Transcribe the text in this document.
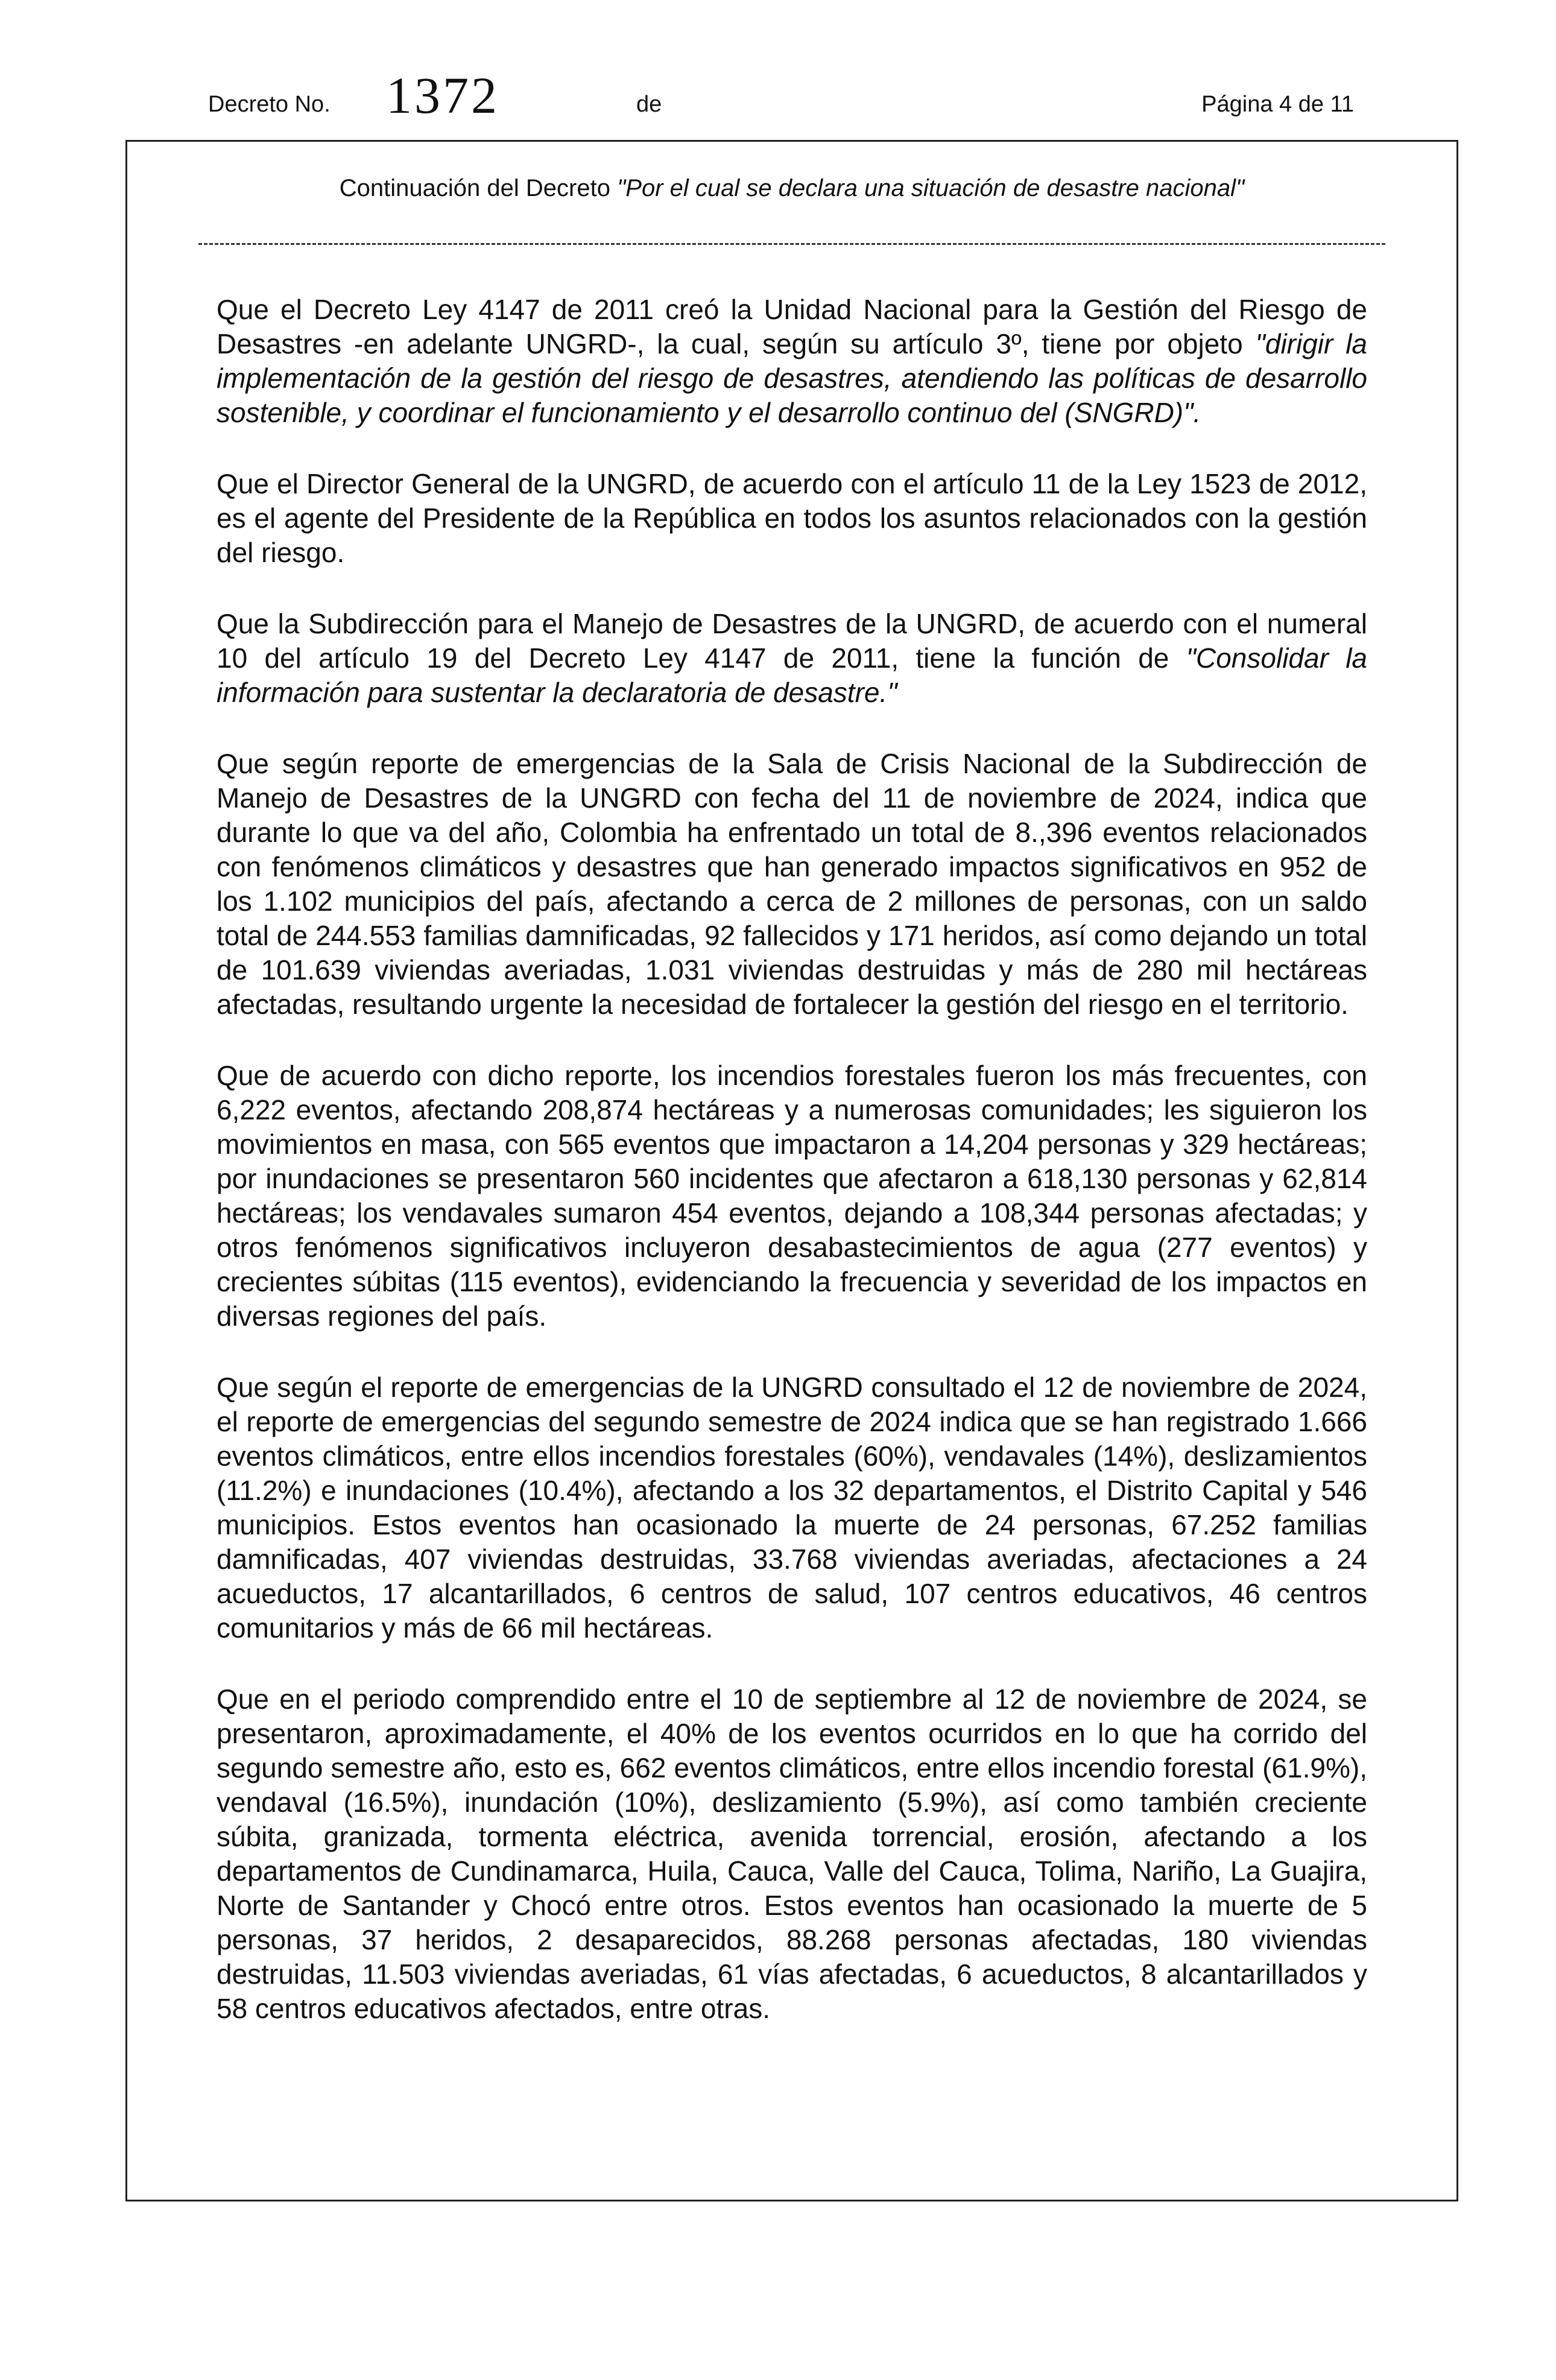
Decreto No. 1372	de	Página 4 de 11
Continuación del Decreto "Por el cual se declara una situación de desastre nacional"

Que el Decreto Ley 4147 de 2011 creó la Unidad Nacional para la Gestión del Riesgo de Desastres -en adelante UNGRD-, la cual, según su artículo 3º, tiene por objeto "dirigir la implementación de la gestión del riesgo de desastres, atendiendo las políticas de desarrollo sostenible, y coordinar el funcionamiento y el desarrollo continuo del (SNGRD)".

Que el Director General de la UNGRD, de acuerdo con el artículo 11 de la Ley 1523 de 2012, es el agente del Presidente de la República en todos los asuntos relacionados con la gestión del riesgo.

Que la Subdirección para el Manejo de Desastres de la UNGRD, de acuerdo con el numeral 10 del artículo 19 del Decreto Ley 4147 de 2011, tiene la función de "Consolidar la información para sustentar la declaratoria de desastre."

Que según reporte de emergencias de la Sala de Crisis Nacional de la Subdirección de Manejo de Desastres de la UNGRD con fecha del 11 de noviembre de 2024, indica que durante lo que va del año, Colombia ha enfrentado un total de 8.,396 eventos relacionados con fenómenos climáticos y desastres que han generado impactos significativos en 952 de los 1.102 municipios del país, afectando a cerca de 2 millones de personas, con un saldo total de 244.553 familias damnificadas, 92 fallecidos y 171 heridos, así como dejando un total de 101.639 viviendas averiadas, 1.031 viviendas destruidas y más de 280 mil hectáreas afectadas, resultando urgente la necesidad de fortalecer la gestión del riesgo en el territorio.

Que de acuerdo con dicho reporte, los incendios forestales fueron los más frecuentes, con 6,222 eventos, afectando 208,874 hectáreas y a numerosas comunidades; les siguieron los movimientos en masa, con 565 eventos que impactaron a 14,204 personas y 329 hectáreas; por inundaciones se presentaron 560 incidentes que afectaron a 618,130 personas y 62,814 hectáreas; los vendavales sumaron 454 eventos, dejando a 108,344 personas afectadas; y otros fenómenos significativos incluyeron desabastecimientos de agua (277 eventos) y crecientes súbitas (115 eventos), evidenciando la frecuencia y severidad de los impactos en diversas regiones del país.

Que según el reporte de emergencias de la UNGRD consultado el 12 de noviembre de 2024, el reporte de emergencias del segundo semestre de 2024 indica que se han registrado 1.666 eventos climáticos, entre ellos incendios forestales (60%), vendavales (14%), deslizamientos (11.2%) e inundaciones (10.4%), afectando a los 32 departamentos, el Distrito Capital y 546 municipios. Estos eventos han ocasionado la muerte de 24 personas, 67.252 familias damnificadas, 407 viviendas destruidas, 33.768 viviendas averiadas, afectaciones a 24 acueductos, 17 alcantarillados, 6 centros de salud, 107 centros educativos, 46 centros comunitarios y más de 66 mil hectáreas.

Que en el periodo comprendido entre el 10 de septiembre al 12 de noviembre de 2024, se presentaron, aproximadamente, el 40% de los eventos ocurridos en lo que ha corrido del segundo semestre año, esto es, 662 eventos climáticos, entre ellos incendio forestal (61.9%), vendaval (16.5%), inundación (10%), deslizamiento (5.9%), así como también creciente súbita, granizada, tormenta eléctrica, avenida torrencial, erosión, afectando a los departamentos de Cundinamarca, Huila, Cauca, Valle del Cauca, Tolima, Nariño, La Guajira, Norte de Santander y Chocó entre otros. Estos eventos han ocasionado la muerte de 5 personas, 37 heridos, 2 desaparecidos, 88.268 personas afectadas, 180 viviendas destruidas, 11.503 viviendas averiadas, 61 vías afectadas, 6 acueductos, 8 alcantarillados y 58 centros educativos afectados, entre otras.
